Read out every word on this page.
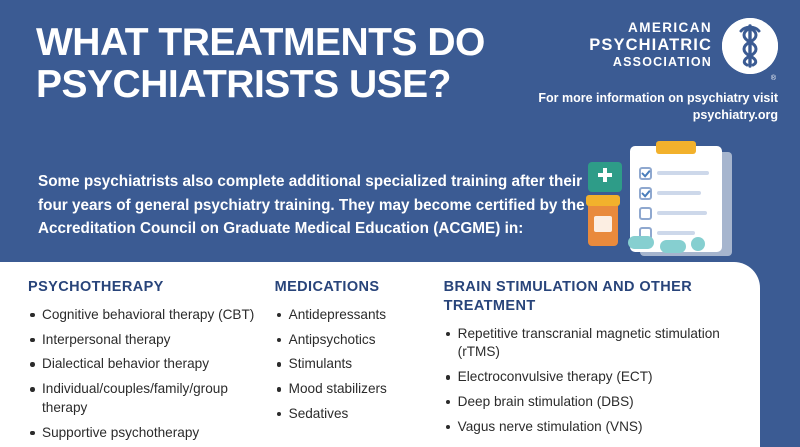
WHAT TREATMENTS DO PSYCHIATRISTS USE?
AMERICAN
PSYCHIATRIC
ASSOCIATION
®
For more information on psychiatry visit psychiatry.org
Some psychiatrists also complete additional specialized training after their four years of general psychiatry training. They may become certified by the Accreditation Council on Graduate Medical Education (ACGME) in:
PSYCHOTHERAPY
Cognitive behavioral therapy (CBT)
Interpersonal therapy
Dialectical behavior therapy
Individual/couples/family/group therapy
Supportive psychotherapy
MEDICATIONS
Antidepressants
Antipsychotics
Stimulants
Mood stabilizers
Sedatives
BRAIN STIMULATION AND OTHER TREATMENT
Repetitive transcranial magnetic stimulation (rTMS)
Electroconvulsive therapy (ECT)
Deep brain stimulation (DBS)
Vagus nerve stimulation (VNS)
